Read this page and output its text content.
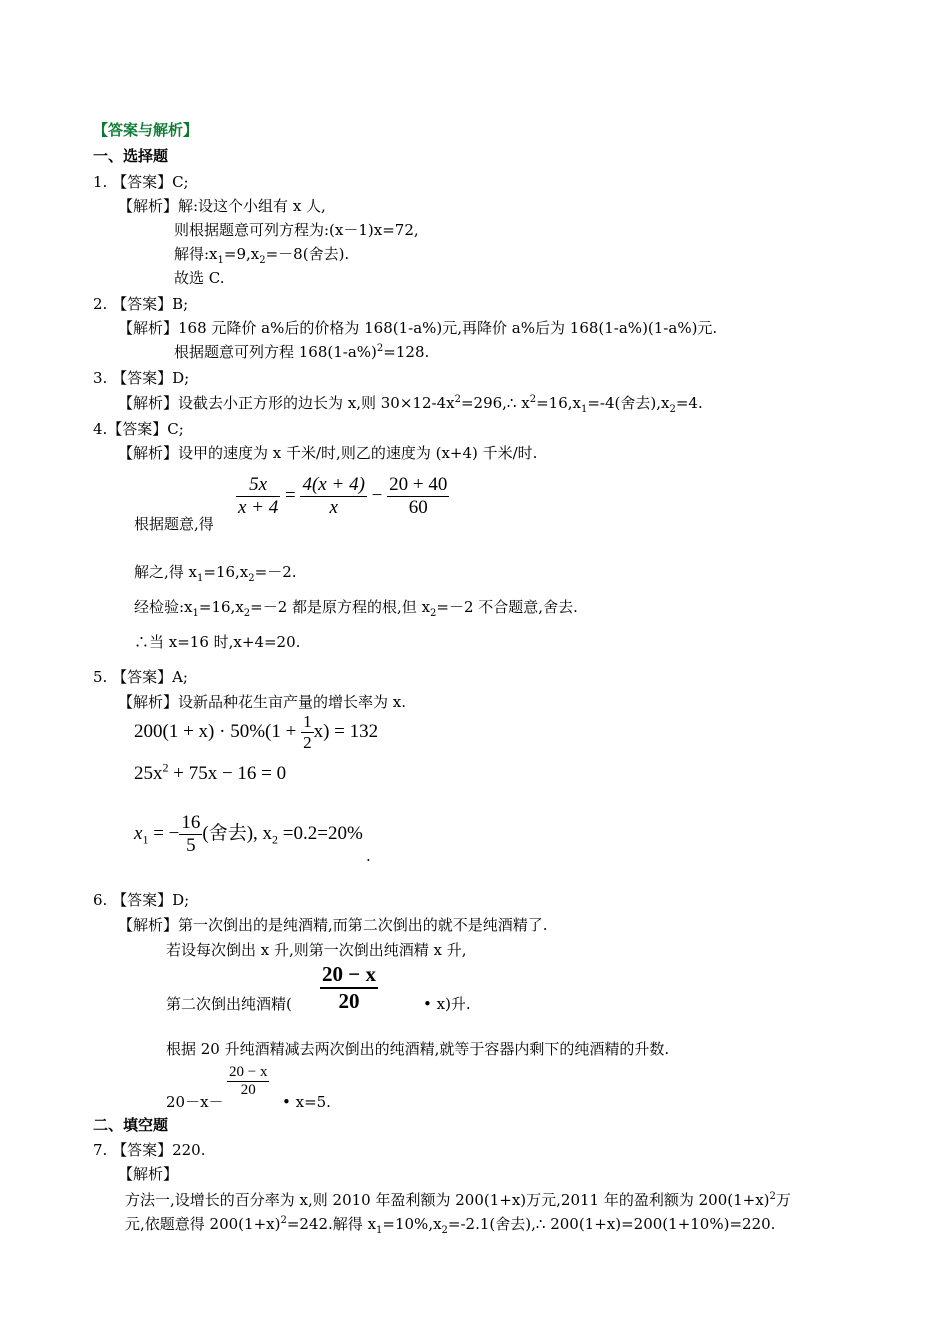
【答案与解析】
一、选择题
1. 【答案】C;
【解析】解:设这个小组有 x 人,
则根据题意可列方程为:(x－1)x=72,
解得$:x_1=9,x_2=-8$(舍去).
故选 C.
2. 【答案】B;
【解析】168 元降价 a%后的价格为 168(1-a%)元,再降价 a%后为 168(1-a%)(1-a%)元.
根据题意可列方程 $168(1-a\%)^2=128$.
3. 【答案】D;
【解析】设截去小正方形的边长为 x,则 $30\times 12-4x^2=296,\therefore$ $x^2=16,x_1=-4$(舍去)$,x_2=4$.
4.【答案】C;
【解析】设甲的速度为 x 千米/时,则乙的速度为 (x+4) 千米/时.
$\frac{5x}{x + 4} = \frac{4(x + 4)}{x} - \frac{20 + 40}{60}$
根据题意,得
解之,得 $x_1=16,x_2=-2$.
经检验$:x_1=16,x_2=-2$ 都是原方程的根,但 $x_2=-2$ 不合题意,舍去.
∴当 x=16 时,x+4=20.
5. 【答案】A;
【解析】设新品种花生亩产量的增长率为 x.
$200(1 + x) \cdot 50\%(1 + \frac{1}{2} x) = 132$
$25x^2 + 75x - 16 = 0$
$x_1$ = − $\frac{16}{5}$ (舍去), $x_2 =0.2=20\%$
.
6. 【答案】D;
【解析】第一次倒出的是纯酒精,而第二次倒出的就不是纯酒精了.
若设每次倒出 x 升,则第一次倒出纯酒精 x 升,
$\frac{20 - x}{20}$
第二次倒出纯酒精(	• x)升.
根据 20 升纯酒精减去两次倒出的纯酒精,就等于容器内剩下的纯酒精的升数.
20－x－
$\frac{20 - x}{20}$
• x=5.
二、填空题
7. 【答案】220.
【解析】
方法一,设增长的百分率为 x,则 2010 年盈利额为 200(1+x)万元,2011 年的盈利额为 $200(1+x)^2$万
元,依题意得 $200(1+x)^2=242$.解得 $x_1=10\%,x_2=-2.1$(舍去),∴ 200(1+x)=200(1+10%)=220.
